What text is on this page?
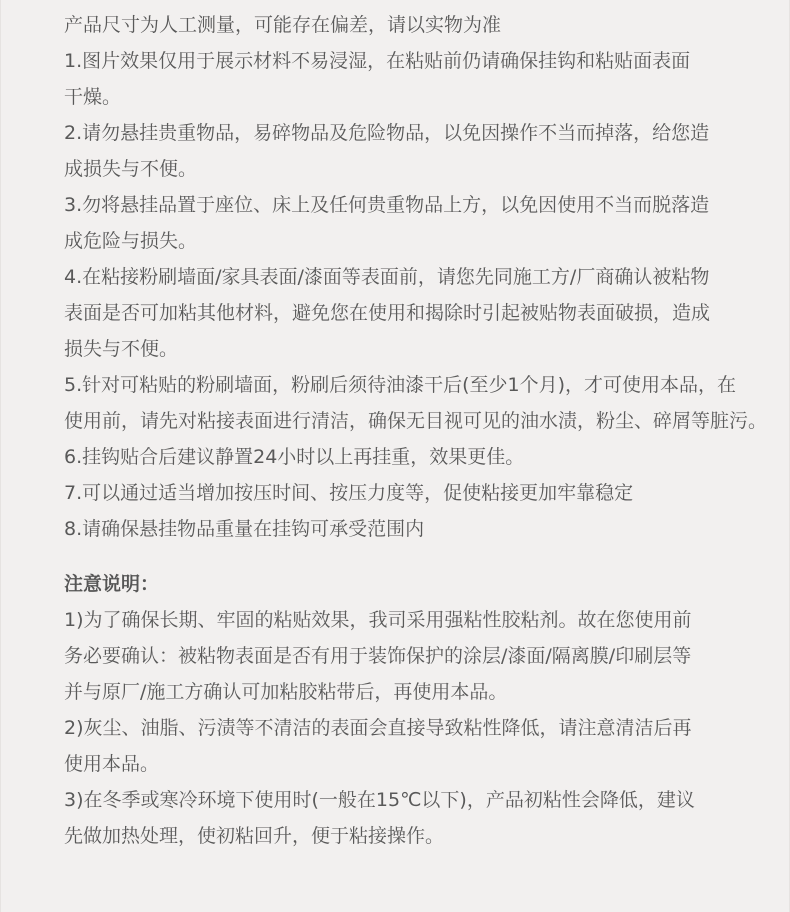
产品尺寸为人工测量，可能存在偏差，请以实物为准
1.图片效果仅用于展示材料不易浸湿，在粘贴前仍请确保挂钩和粘贴面表面
干燥。
2.请勿悬挂贵重物品，易碎物品及危险物品，以免因操作不当而掉落，给您造
成损失与不便。
3.勿将悬挂品置于座位、床上及任何贵重物品上方，以免因使用不当而脱落造
成危险与损失。
4.在粘接粉刷墙面/家具表面/漆面等表面前，请您先同施工方/厂商确认被粘物
表面是否可加粘其他材料，避免您在使用和揭除时引起被贴物表面破损，造成
损失与不便。
5.针对可粘贴的粉刷墙面，粉刷后须待油漆干后(至少1个月)，才可使用本品，在
使用前，请先对粘接表面进行清洁，确保无目视可见的油水渍，粉尘、碎屑等脏污。
6.挂钩贴合后建议静置24小时以上再挂重，效果更佳。
7.可以通过适当增加按压时间、按压力度等，促使粘接更加牢靠稳定
8.请确保悬挂物品重量在挂钩可承受范围内
注意说明：
1)为了确保长期、牢固的粘贴效果，我司采用强粘性胶粘剂。故在您使用前
务必要确认：被粘物表面是否有用于装饰保护的涂层/漆面/隔离膜/印刷层等
并与原厂/施工方确认可加粘胶粘带后，再使用本品。
2)灰尘、油脂、污渍等不清洁的表面会直接导致粘性降低，请注意清洁后再
使用本品。
3)在冬季或寒冷环境下使用时(一般在15℃以下)，产品初粘性会降低，建议
先做加热处理，使初粘回升，便于粘接操作。
